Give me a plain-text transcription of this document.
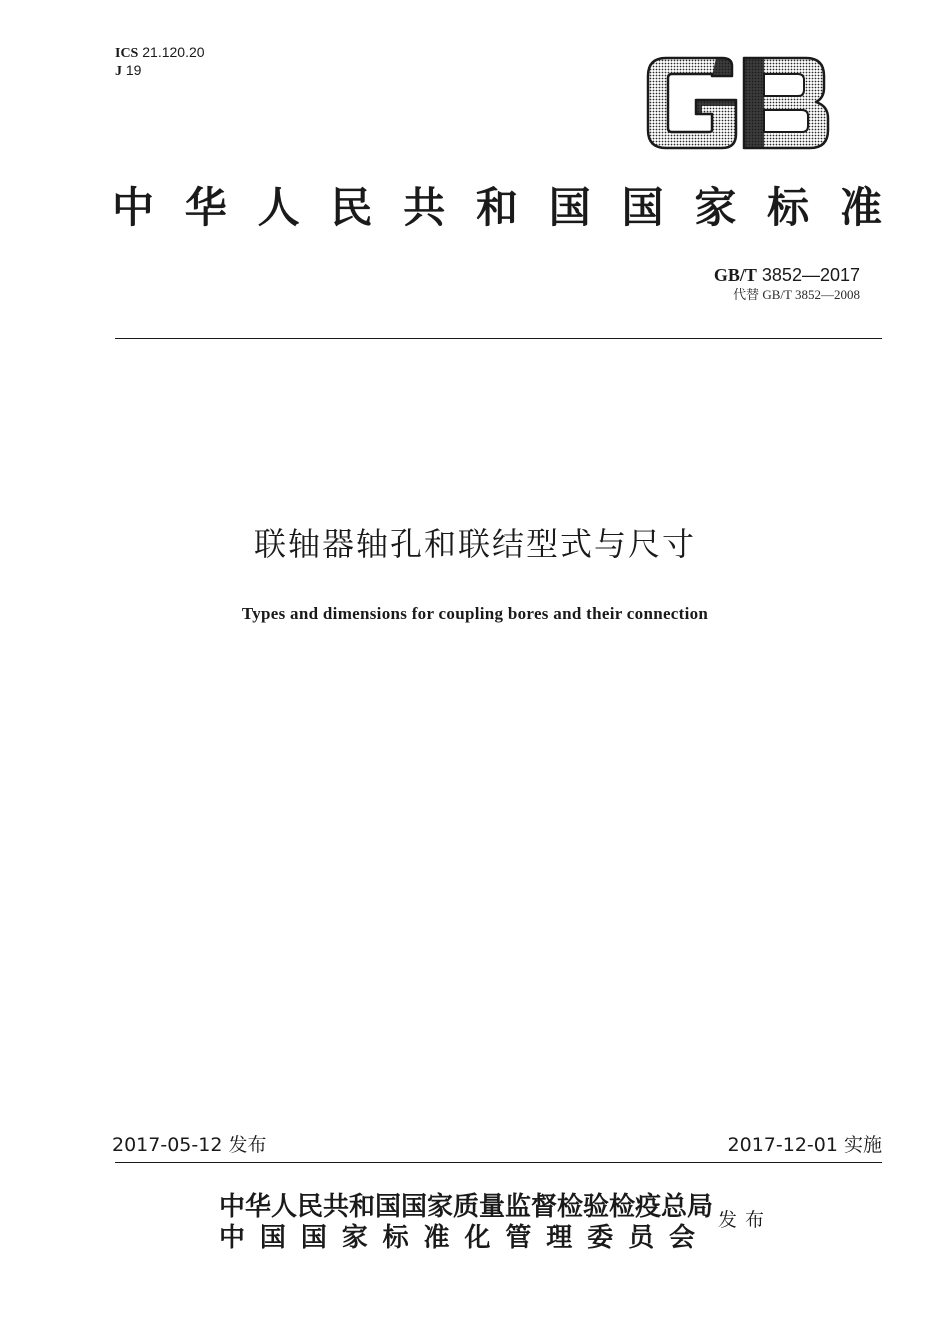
ICS 21.120.20
J 19
中华人民共和国国家标准
GB/T 3852—2017
代替 GB/T 3852—2008
联轴器轴孔和联结型式与尺寸
Types and dimensions for coupling bores and their connection
2017-05-12 发布	2017-12-01 实施
中华人民共和国国家质量监督检验检疫总局
中国国家标准化管理委员会
发布
